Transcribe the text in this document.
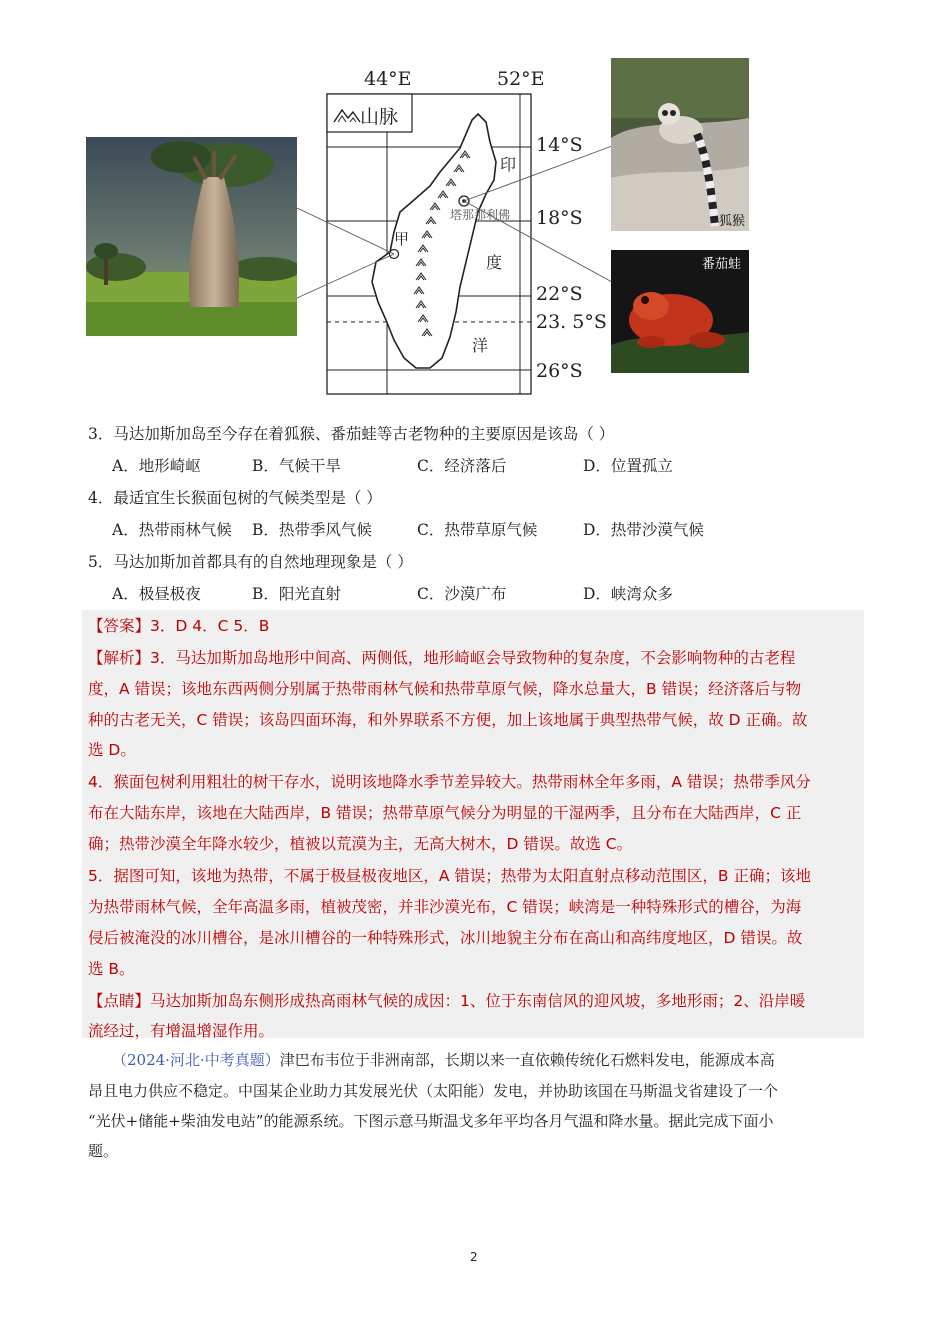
44°E	52°E
山脉
14°S
18°S
22°S
23. 5°S
26°S
甲
塔那那利佛
印
度
洋
狐猴
番茄蛙
3．马达加斯加岛至今存在着狐猴、番茄蛙等古老物种的主要原因是该岛（ ）
A．地形崎岖	B．气候干旱	C．经济落后	D．位置孤立
4．最适宜生长猴面包树的气候类型是（ ）
A．热带雨林气候 B．热带季风气候	C．热带草原气候	D．热带沙漠气候
5．马达加斯加首都具有的自然地理现象是（ ）
A．极昼极夜	B．阳光直射	C．沙漠广布	D．峡湾众多
【答案】3．D 4．C 5．B
【解析】3．马达加斯加岛地形中间高、两侧低，地形崎岖会导致物种的复杂度，不会影响物种的古老程
度，A 错误；该地东西两侧分别属于热带雨林气候和热带草原气候，降水总量大，B 错误；经济落后与物
种的古老无关，C 错误；该岛四面环海，和外界联系不方便，加上该地属于典型热带气候，故 D 正确。故
选 D。
4．猴面包树利用粗壮的树干存水，说明该地降水季节差异较大。热带雨林全年多雨，A 错误；热带季风分
布在大陆东岸，该地在大陆西岸，B 错误；热带草原气候分为明显的干湿两季，且分布在大陆西岸，C 正
确；热带沙漠全年降水较少，植被以荒漠为主，无高大树木，D 错误。故选 C。
5．据图可知，该地为热带，不属于极昼极夜地区，A 错误；热带为太阳直射点移动范围区，B 正确；该地
为热带雨林气候，全年高温多雨，植被茂密，并非沙漠光布，C 错误；峡湾是一种特殊形式的槽谷，为海
侵后被淹没的冰川槽谷，是冰川槽谷的一种特殊形式，冰川地貌主分布在高山和高纬度地区，D 错误。故
选 B。
【点睛】马达加斯加岛东侧形成热高雨林气候的成因：1、位于东南信风的迎风坡，多地形雨；2、沿岸暖
流经过，有增温增湿作用。
（2024·河北·中考真题）津巴布韦位于非洲南部，长期以来一直依赖传统化石燃料发电，能源成本高
昂且电力供应不稳定。中国某企业助力其发展光伏（太阳能）发电，并协助该国在马斯温戈省建设了一个
“光伏+储能+柴油发电站”的能源系统。下图示意马斯温戈多年平均各月气温和降水量。据此完成下面小
题。
2
